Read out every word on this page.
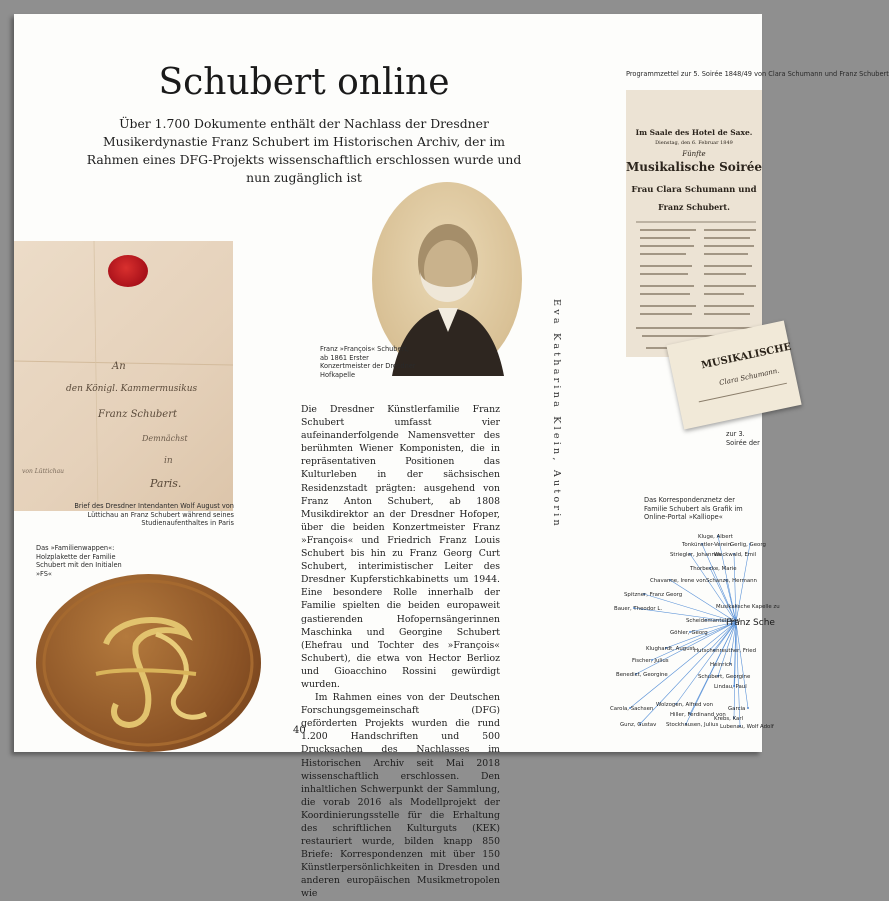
Schubert online

Über 1.700 Dokumente enthält der Nachlass der Dresdner Musikerdynastie Franz Schubert im Historischen Archiv, der im Rahmen eines DFG-Projekts wissenschaftlich erschlossen wurde und nun zugänglich ist

An
den Königl. Kammermusikus
Franz Schubert
Demnächst
in
Paris.
von Lüttichau

Brief des Dresdner Intendanten Wolf August von Lüttichau an Franz Schubert während seines Studienaufenthaltes in Paris

Das »Familienwappen«: Holzplakette der Familie Schubert mit den Initialen »FS«

Franz »François« Schubert, ab 1861 Erster Konzertmeister der Dresdner Hofkapelle

Die Dresdner Künstlerfamilie Franz Schubert umfasst vier aufeinanderfolgende Namensvetter des berühmten Wiener Komponisten, die in repräsentativen Positionen das Kulturleben in der sächsischen Residenzstadt prägten: ausgehend von Franz Anton Schubert, ab 1808 Musikdirektor an der Dresdner Hofoper, über die beiden Konzertmeister Franz »François« und Friedrich Franz Louis Schubert bis hin zu Franz Georg Curt Schubert, interimistischer Leiter des Dresdner Kupferstichkabinetts um 1944. Eine besondere Rolle innerhalb der Familie spielten die beiden europaweit gastierenden Hofopernsängerinnen Maschinka und Georgine Schubert (Ehefrau und Tochter des »François« Schubert), die etwa von Hector Berlioz und Gioacchino Rossini gewürdigt wurden.

Im Rahmen eines von der Deutschen Forschungsgemeinschaft (DFG) geförderten Projekts wurden die rund 1.200 Handschriften und 500 Drucksachen des Nachlasses im Historischen Archiv seit Mai 2018 wissenschaftlich erschlossen. Den inhaltlichen Schwerpunkt der Sammlung, die vorab 2016 als Modellprojekt der Koordinierungsstelle für die Erhaltung des schriftlichen Kulturguts (KEK) restauriert wurde, bilden knapp 850 Briefe: Korrespondenzen mit über 150 Künstlerpersönlichkeiten in Dresden und anderen europäischen Musikmetropolen wie

40
Eva Katharina Klein, Autorin

Programmzettel zur 5. Soirée 1848/49 von Clara Schumann und Franz Schubert

Im Saale des Hotel de Saxe.
Dienstag, den 6. Februar 1849
Fünfte
Musikalische Soirée
Frau Clara Schumann und
Franz Schubert.
MUSIKALISCHE
Clara Schumann.

zur 3. Soirée der

Das Korrespondenznetz der Familie Schubert als Grafik im Online-Portal »Kalliope«

Kluge, Albert
Tonkünstler-Verein
Gerlig, Georg
Striegler, Johannes
Weckwald, Emil
Thorbecke, Marie
Chavanne, Irene von Schanze, Hermann
Spitzner, Franz Georg
Bauer, Theodor L.	Musikalische Kapelle zu
Scheidemantel, Karl
Göhler, Georg
Klughardt, August Hutschenreuther, Fried
Fischer, Julius
Heinrich
Benedict, Georgine	Schubert, Georgine
Lindau, Paul
Carola, Sachsen
Wolzogen, Alfred von
Hiller, Ferdinand von
Gunz, Gustav Stockhausen, Julius
Garcia
Krebs, Karl
Lubenau, Wolf Adolf
Franz Sche
